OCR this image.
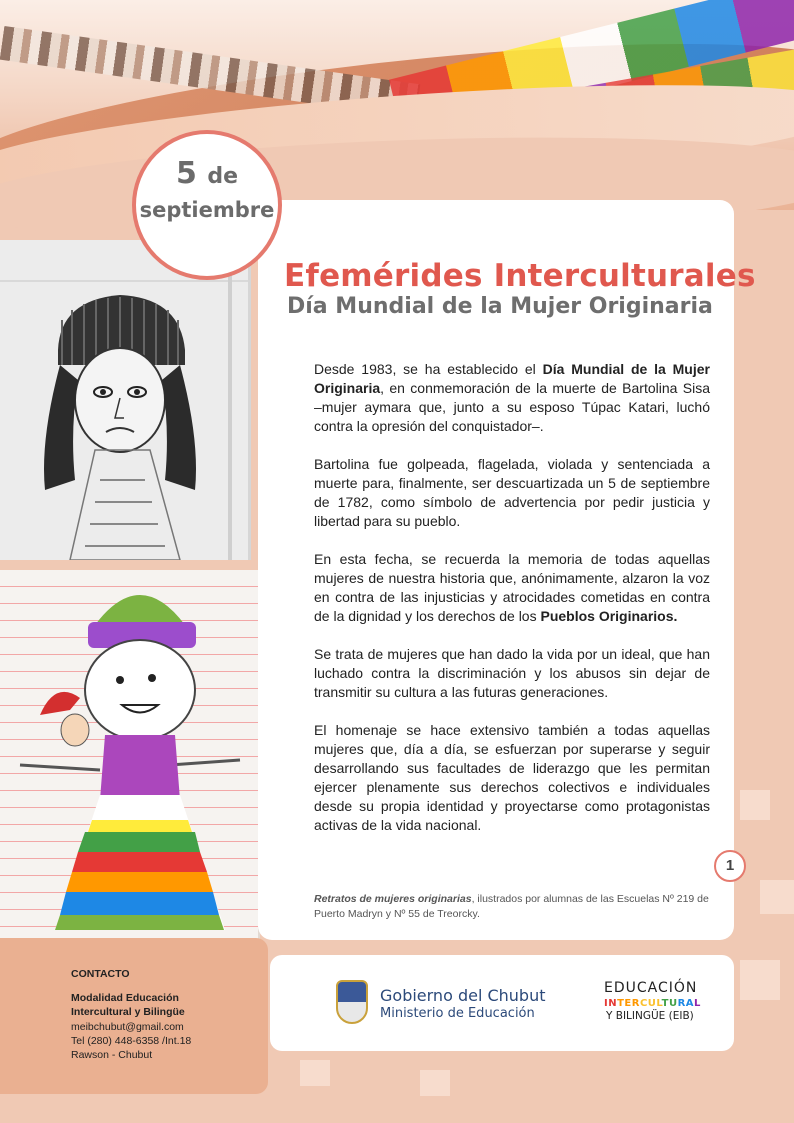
5 de
septiembre
Efemérides Interculturales
Día Mundial de la Mujer Originaria

Desde 1983, se ha establecido el Día Mundial de la Mujer Originaria, en conmemoración de la muerte de Bartolina Sisa –mujer aymara que, junto a su esposo Túpac Katari, luchó contra la opresión del conquistador–.

Bartolina fue golpeada, flagelada, violada y sentenciada a muerte para, finalmente, ser descuartizada un 5 de septiembre de 1782, como símbolo de advertencia por pedir justicia y libertad para su pueblo.

En esta fecha, se recuerda la memoria de todas aquellas mujeres de nuestra historia que, anónimamente, alzaron la voz en contra de las injusticias y atrocidades cometidas en contra de la dignidad y los derechos de los Pueblos Originarios.

Se trata de mujeres que han dado la vida por un ideal, que han luchado contra la discriminación y los abusos sin dejar de transmitir su cultura a las futuras generaciones.

El homenaje se hace extensivo también a todas aquellas mujeres que, día a día, se esfuerzan por superarse y seguir desarrollando sus facultades de liderazgo que les permitan ejercer plenamente sus derechos colectivos e individuales desde su propia identidad y proyectarse como protagonistas activas de la vida nacional.

1

Retratos de mujeres originarias, ilustrados por alumnas de las Escuelas Nº 219 de Puerto Madryn y Nº 55 de Treorcky.

CONTACTO

Modalidad Educación

Intercultural y Bilingüe

meibchubut@gmail.com

Tel (280) 448-6358 /Int.18

Rawson - Chubut

Gobierno del Chubut

Ministerio de Educación

EDUCACIÓN

INTERCULTURAL

Y BILINGÜE (EIB)
